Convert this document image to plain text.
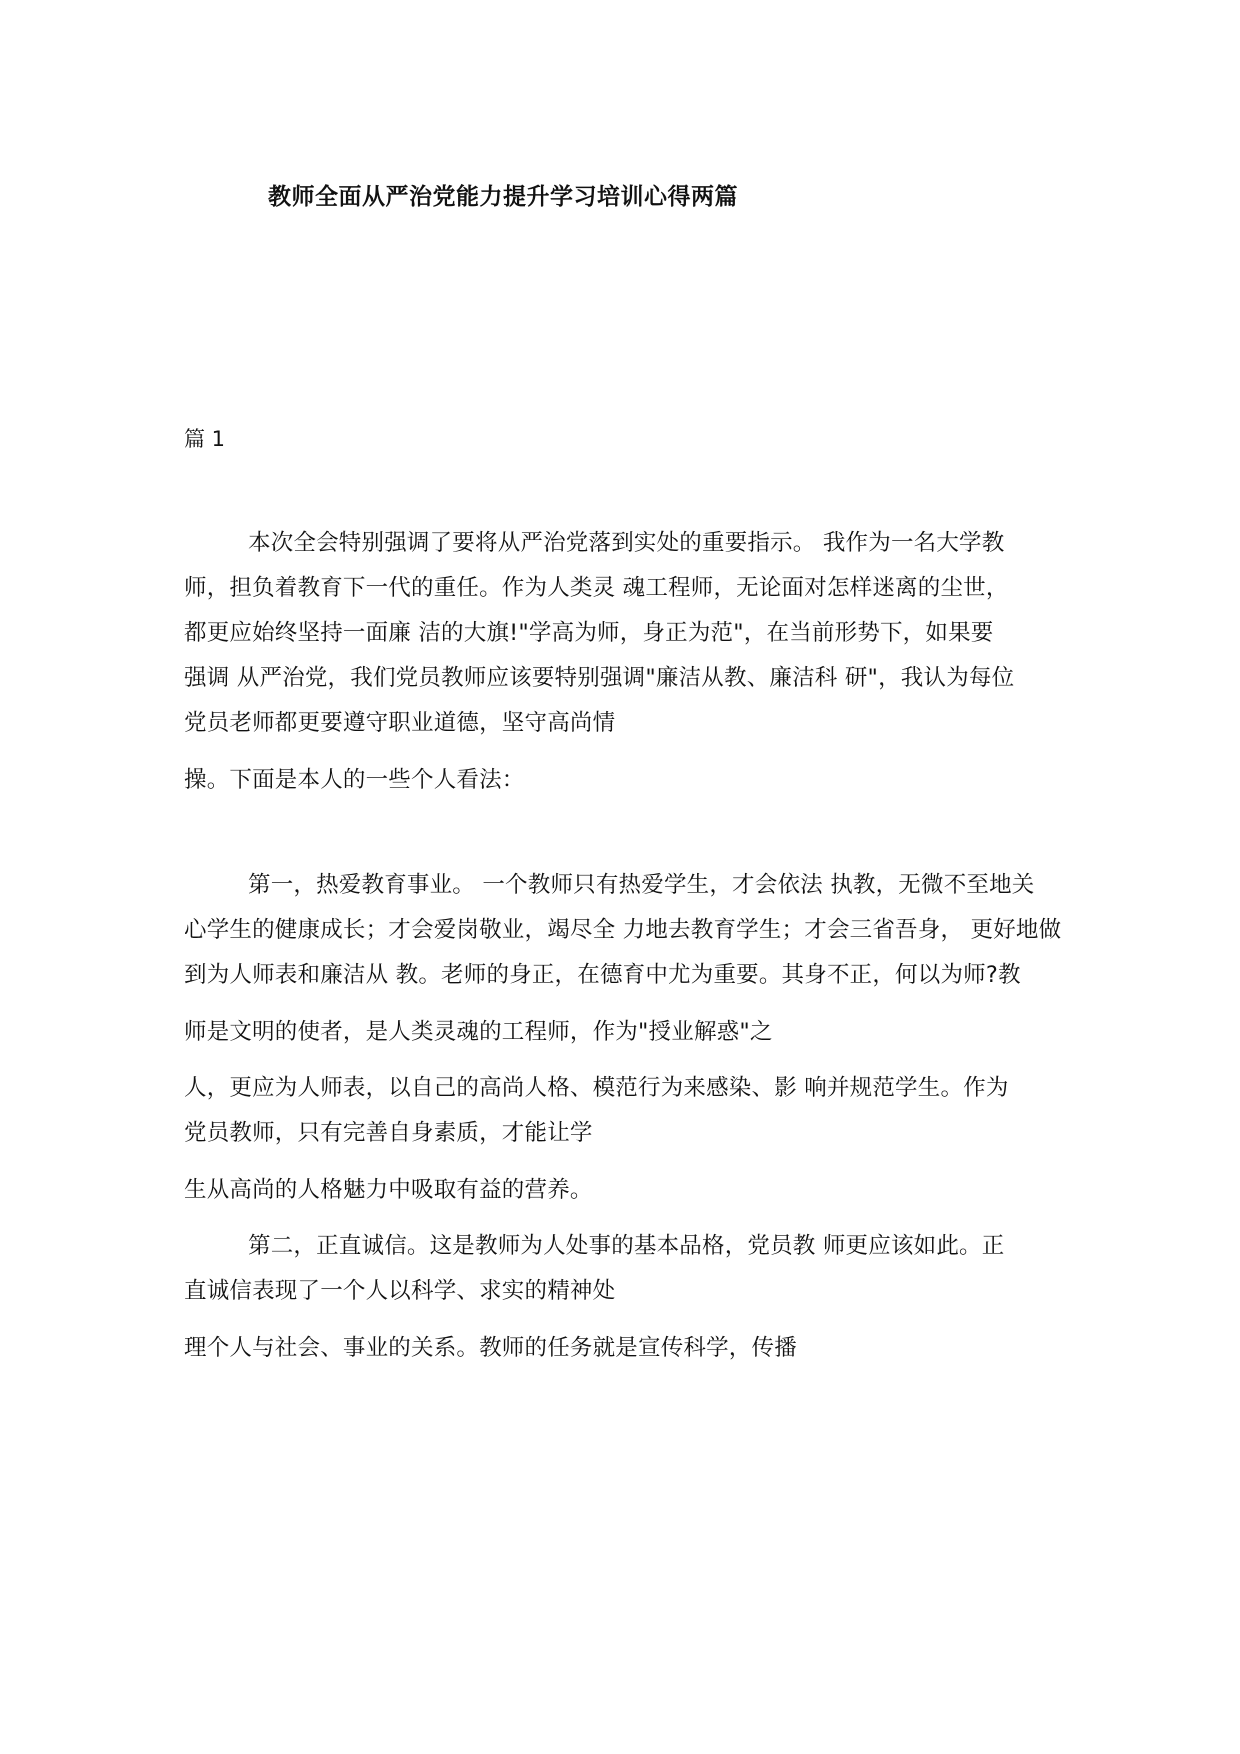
教师全面从严治党能力提升学习培训心得两篇
篇 1
本次全会特别强调了要将从严治党落到实处的重要指示。 我作为一名大学教
师，担负着教育下一代的重任。作为人类灵 魂工程师，无论面对怎样迷离的尘世，
都更应始终坚持一面廉 洁的大旗!"学高为师，身正为范"，在当前形势下，如果要
强调 从严治党，我们党员教师应该要特别强调"廉洁从教、廉洁科 研"，我认为每位
党员老师都更要遵守职业道德，坚守高尚情
操。下面是本人的一些个人看法：
第一，热爱教育事业。 一个教师只有热爱学生，才会依法 执教，无微不至地关
心学生的健康成长；才会爱岗敬业，竭尽全 力地去教育学生；才会三省吾身， 更好地做
到为人师表和廉洁从 教。老师的身正，在德育中尤为重要。其身不正，何以为师?教
师是文明的使者，是人类灵魂的工程师，作为"授业解惑"之
人，更应为人师表，以自己的高尚人格、模范行为来感染、影 响并规范学生。作为
党员教师，只有完善自身素质，才能让学
生从高尚的人格魅力中吸取有益的营养。
第二，正直诚信。这是教师为人处事的基本品格，党员教 师更应该如此。正
直诚信表现了一个人以科学、求实的精神处
理个人与社会、事业的关系。教师的任务就是宣传科学，传播
